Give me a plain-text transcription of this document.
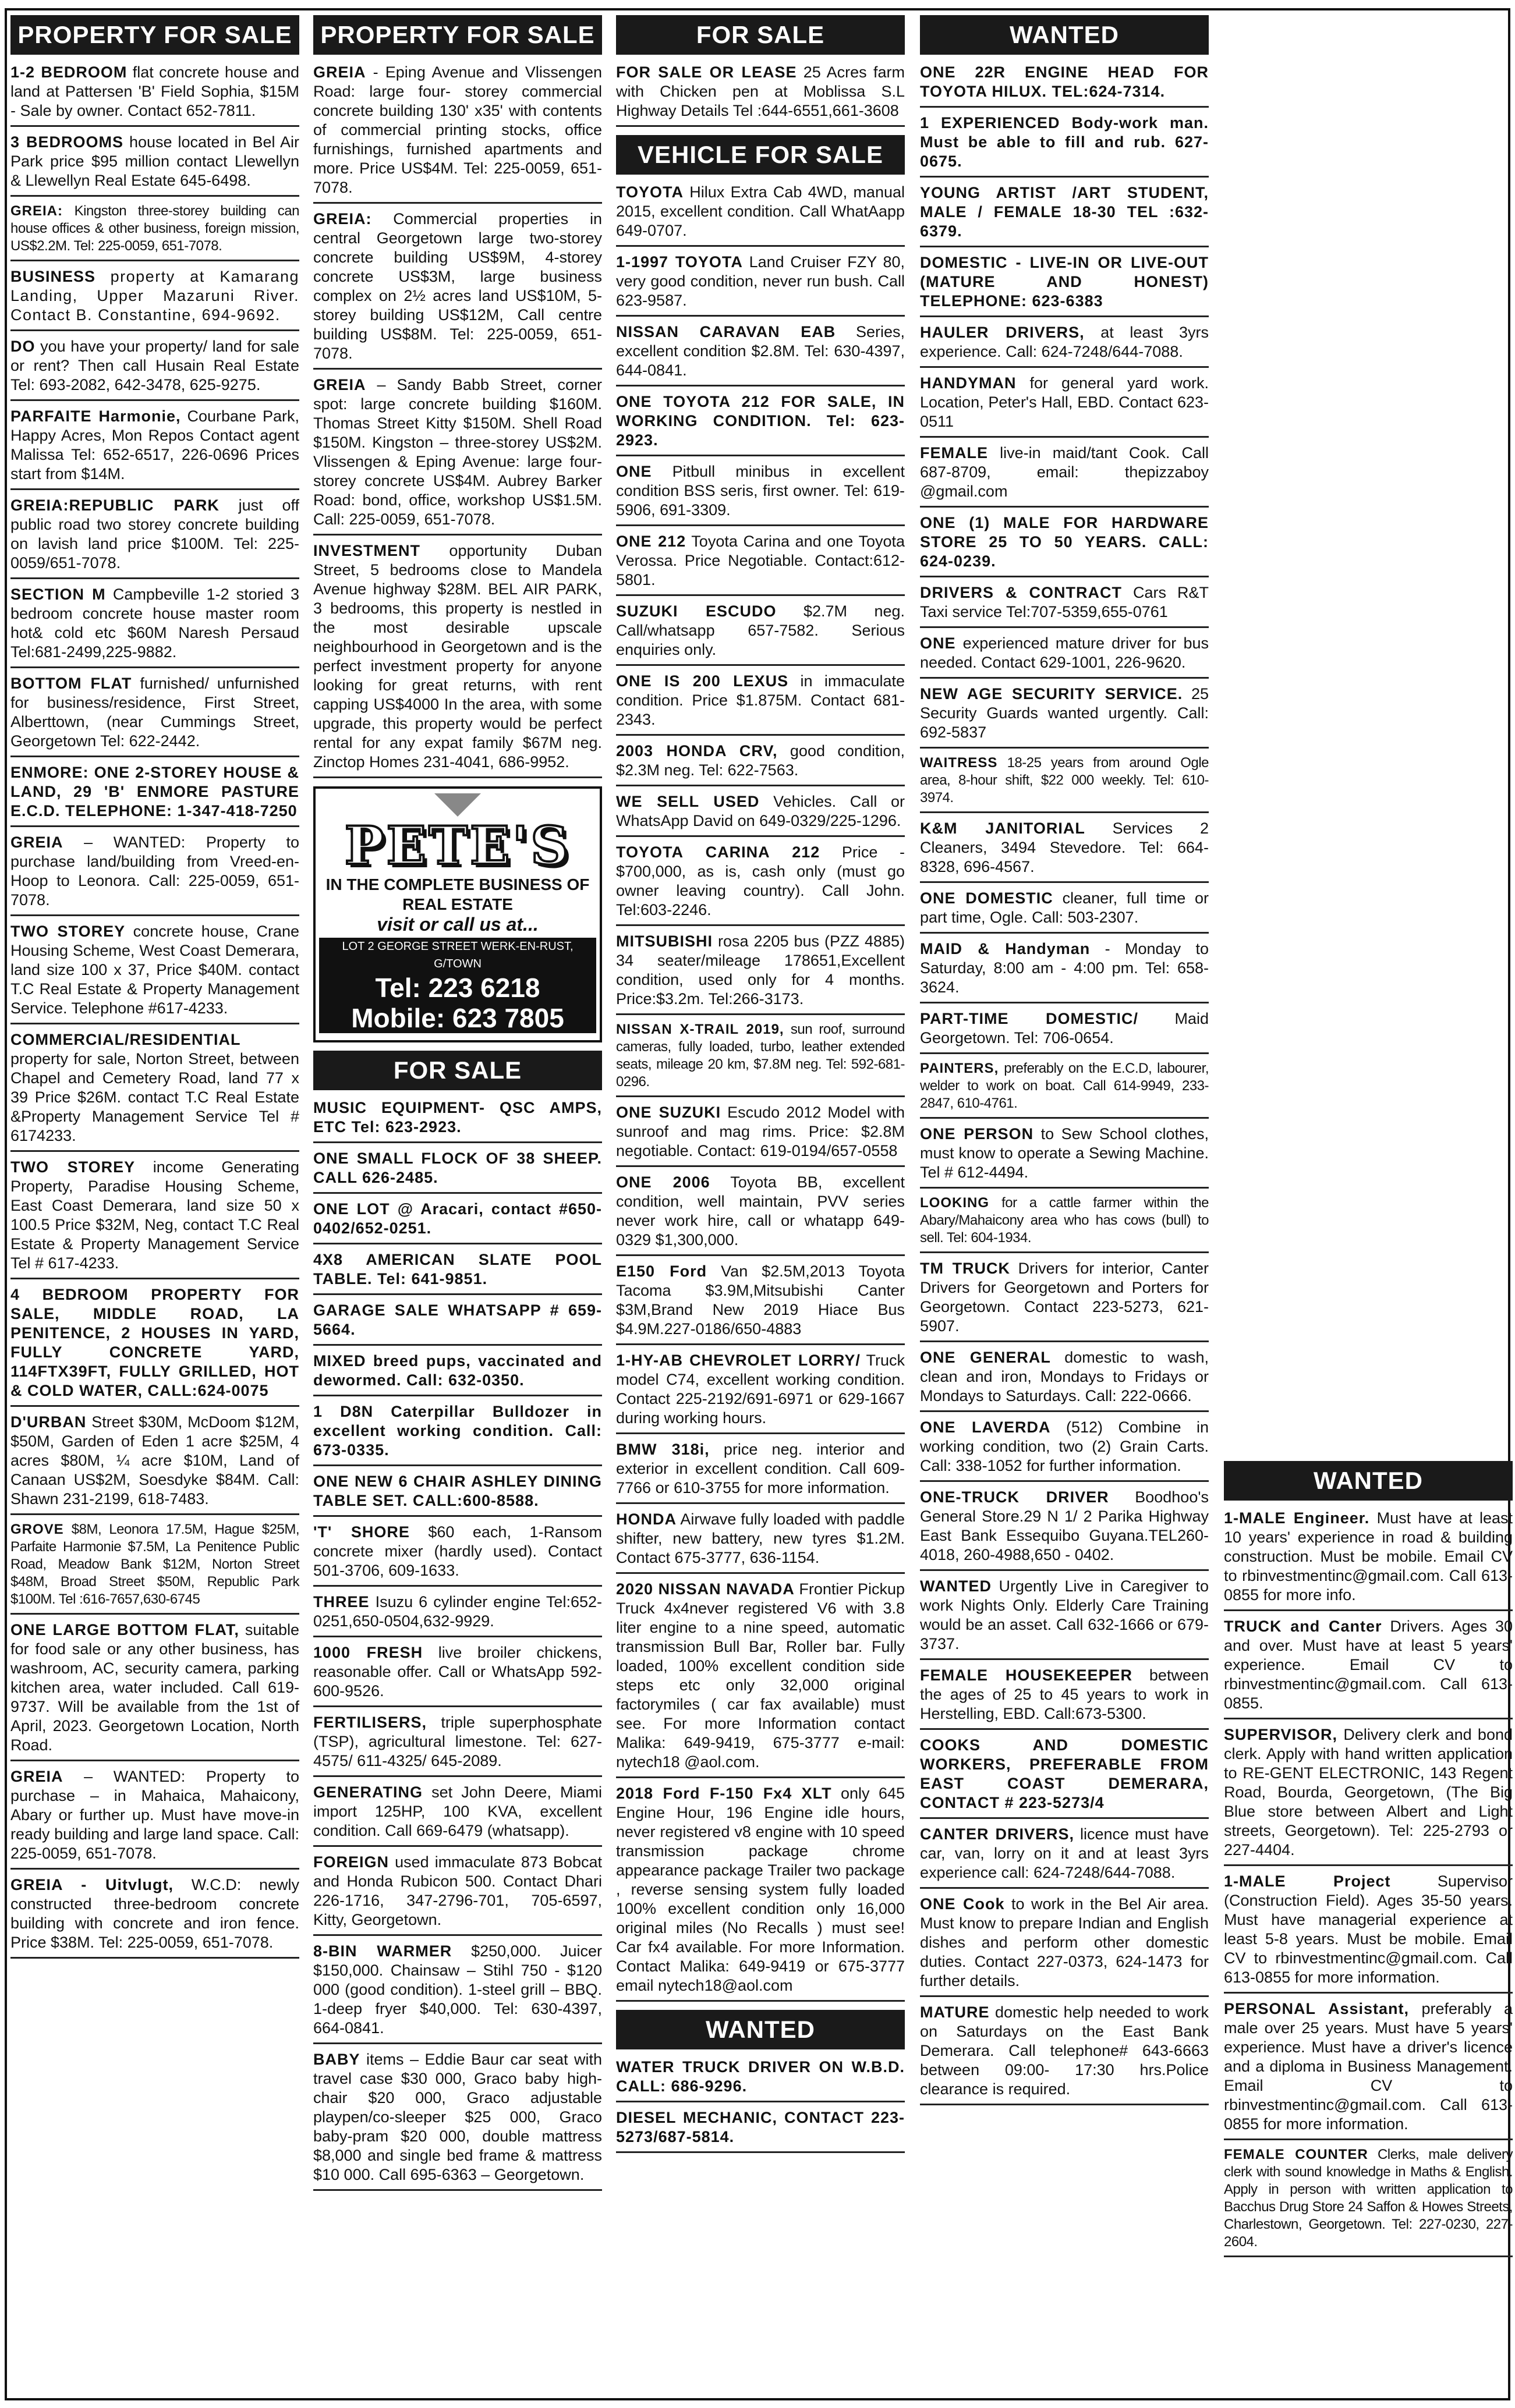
PROPERTY FOR SALE
1-2 BEDROOM flat concrete house and land at Pattersen 'B' Field Sophia, $15M - Sale by owner. Contact 652-7811.
3 BEDROOMS house located in Bel Air Park price $95 million contact Llewellyn & Llewellyn Real Estate 645-6498.
GREIA: Kingston three-storey building can house offices & other business, foreign mission, US$2.2M. Tel: 225-0059, 651-7078.
BUSINESS property at Kamarang Landing, Upper Mazaruni River. Contact B. Constantine, 694-9692.
DO you have your property/ land for sale or rent? Then call Husain Real Estate Tel: 693-2082, 642-3478, 625-9275.
PARFAITE Harmonie, Courbane Park, Happy Acres, Mon Repos Contact agent Malissa Tel: 652-6517, 226-0696 Prices start from $14M.
GREIA:REPUBLIC PARK just off public road two storey concrete building on lavish land price $100M. Tel: 225-0059/651-7078.
SECTION M Campbeville 1-2 storied 3 bedroom concrete house master room hot& cold etc $60M Naresh Persaud Tel:681-2499,225-9882.
BOTTOM FLAT furnished/ unfurnished for business/residence, First Street, Alberttown, (near Cummings Street, Georgetown Tel: 622-2442.
ENMORE: ONE 2-STOREY HOUSE & LAND, 29 'B' ENMORE PASTURE E.C.D. TELEPHONE: 1-347-418-7250
GREIA – WANTED: Property to purchase land/building from Vreed-en-Hoop to Leonora. Call: 225-0059, 651-7078.
TWO STOREY concrete house, Crane Housing Scheme, West Coast Demerara, land size 100 x 37, Price $40M. contact T.C Real Estate & Property Management Service. Telephone #617-4233.
COMMERCIAL/RESIDENTIAL property for sale, Norton Street, between Chapel and Cemetery Road, land 77 x 39 Price $26M. contact T.C Real Estate &Property Management Service Tel # 6174233.
TWO STOREY income Generating Property, Paradise Housing Scheme, East Coast Demerara, land size 50 x 100.5 Price $32M, Neg, contact T.C Real Estate & Property Management Service Tel # 617-4233.
4 BEDROOM PROPERTY FOR SALE, MIDDLE ROAD, LA PENITENCE, 2 HOUSES IN YARD, FULLY CONCRETE YARD, 114FTX39FT, FULLY GRILLED, HOT & COLD WATER, CALL:624-0075
D'URBAN Street $30M, McDoom $12M, $50M, Garden of Eden 1 acre $25M, 4 acres $80M, ¼ acre $10M, Land of Canaan US$2M, Soesdyke $84M. Call: Shawn 231-2199, 618-7483.
GROVE $8M, Leonora 17.5M, Hague $25M, Parfaite Harmonie $7.5M, La Penitence Public Road, Meadow Bank $12M, Norton Street $48M, Broad Street $50M, Republic Park $100M. Tel :616-7657,630-6745
ONE LARGE BOTTOM FLAT, suitable for food sale or any other business, has washroom, AC, security camera, parking kitchen area, water included. Call 619-9737. Will be available from the 1st of April, 2023. Georgetown Location, North Road.
GREIA – WANTED: Property to purchase – in Mahaica, Mahaicony, Abary or further up. Must have move-in ready building and large land space. Call: 225-0059, 651-7078.
GREIA - Uitvlugt, W.C.D: newly constructed three-bedroom concrete building with concrete and iron fence. Price $38M. Tel: 225-0059, 651-7078.
PROPERTY FOR SALE
GREIA - Eping Avenue and Vlissengen Road: large four- storey commercial concrete building 130' x35' with contents of commercial printing stocks, office furnishings, furnished apartments and more. Price US$4M. Tel: 225-0059, 651-7078.
GREIA: Commercial properties in central Georgetown large two-storey concrete building US$9M, 4-storey concrete US$3M, large business complex on 2½ acres land US$10M, 5-storey building US$12M, Call centre building US$8M. Tel: 225-0059, 651-7078.
GREIA – Sandy Babb Street, corner spot: large concrete building $160M. Thomas Street Kitty $150M. Shell Road $150M. Kingston – three-storey US$2M. Vlissengen & Eping Avenue: large four- storey concrete US$4M. Aubrey Barker Road: bond, office, workshop US$1.5M. Call: 225-0059, 651-7078.
INVESTMENT opportunity Duban Street, 5 bedrooms close to Mandela Avenue highway $28M. BEL AIR PARK, 3 bedrooms, this property is nestled in the most desirable upscale neighbourhood in Georgetown and is the perfect investment property for anyone looking for great returns, with rent capping US$4000 In the area, with some upgrade, this property would be perfect rental for any expat family $67M neg. Zinctop Homes 231-4041, 686-9952.
PETE'S
IN THE COMPLETE BUSINESS OF REAL ESTATE
visit or call us at...
LOT 2 GEORGE STREET WERK-EN-RUST, G/TOWN
Tel: 223 6218
Mobile: 623 7805
FOR SALE
MUSIC EQUIPMENT- QSC AMPS, ETC Tel: 623-2923.
ONE SMALL FLOCK OF 38 SHEEP. CALL 626-2485.
ONE LOT @ Aracari, contact #650-0402/652-0251.
4X8 AMERICAN SLATE POOL TABLE. Tel: 641-9851.
GARAGE SALE WHATSAPP # 659-5664.
MIXED breed pups, vaccinated and dewormed. Call: 632-0350.
1 D8N Caterpillar Bulldozer in excellent working condition. Call: 673-0335.
ONE NEW 6 CHAIR ASHLEY DINING TABLE SET. CALL:600-8588.
'T' SHORE $60 each, 1-Ransom concrete mixer (hardly used). Contact 501-3706, 609-1633.
THREE Isuzu 6 cylinder engine Tel:652-0251,650-0504,632-9929.
1000 FRESH live broiler chickens, reasonable offer. Call or WhatsApp 592-600-9526.
FERTILISERS, triple superphosphate (TSP), agricultural limestone. Tel: 627-4575/ 611-4325/ 645-2089.
GENERATING set John Deere, Miami import 125HP, 100 KVA, excellent condition. Call 669-6479 (whatsapp).
FOREIGN used immaculate 873 Bobcat and Honda Rubicon 500. Contact Dhari 226-1716, 347-2796-701, 705-6597, Kitty, Georgetown.
8-BIN WARMER $250,000. Juicer $150,000. Chainsaw – Stihl 750 - $120 000 (good condition). 1-steel grill – BBQ. 1-deep fryer $40,000. Tel: 630-4397, 664-0841.
BABY items – Eddie Baur car seat with travel case $30 000, Graco baby high-chair $20 000, Graco adjustable playpen/co-sleeper $25 000, Graco baby-pram $20 000, double mattress $8,000 and single bed frame & mattress $10 000. Call 695-6363 – Georgetown.
FOR SALE
FOR SALE OR LEASE 25 Acres farm with Chicken pen at Moblissa S.L Highway Details Tel :644-6551,661-3608
VEHICLE FOR SALE
TOYOTA Hilux Extra Cab 4WD, manual 2015, excellent condition. Call WhatAapp 649-0707.
1-1997 TOYOTA Land Cruiser FZY 80, very good condition, never run bush. Call 623-9587.
NISSAN CARAVAN EAB Series, excellent condition $2.8M. Tel: 630-4397, 644-0841.
ONE TOYOTA 212 FOR SALE, IN WORKING CONDITION. Tel: 623-2923.
ONE Pitbull minibus in excellent condition BSS seris, first owner. Tel: 619-5906, 691-3309.
ONE 212 Toyota Carina and one Toyota Verossa. Price Negotiable. Contact:612-5801.
SUZUKI ESCUDO $2.7M neg. Call/whatsapp 657-7582. Serious enquiries only.
ONE IS 200 LEXUS in immaculate condition. Price $1.875M. Contact 681-2343.
2003 HONDA CRV, good condition, $2.3M neg. Tel: 622-7563.
WE SELL USED Vehicles. Call or WhatsApp David on 649-0329/225-1296.
TOYOTA CARINA 212 Price - $700,000, as is, cash only (must go owner leaving country). Call John. Tel:603-2246.
MITSUBISHI rosa 2205 bus (PZZ 4885) 34 seater/mileage 178651,Excellent condition, used only for 4 months. Price:$3.2m. Tel:266-3173.
NISSAN X-TRAIL 2019, sun roof, surround cameras, fully loaded, turbo, leather extended seats, mileage 20 km, $7.8M neg. Tel: 592-681-0296.
ONE SUZUKI Escudo 2012 Model with sunroof and mag rims. Price: $2.8M negotiable. Contact: 619-0194/657-0558
ONE 2006 Toyota BB, excellent condition, well maintain, PVV series never work hire, call or whatapp 649-0329 $1,300,000.
E150 Ford Van $2.5M,2013 Toyota Tacoma $3.9M,Mitsubishi Canter $3M,Brand New 2019 Hiace Bus $4.9M.227-0186/650-4883
1-HY-AB CHEVROLET LORRY/ Truck model C74, excellent working condition. Contact 225-2192/691-6971 or 629-1667 during working hours.
BMW 318i, price neg. interior and exterior in excellent condition. Call 609-7766 or 610-3755 for more information.
HONDA Airwave fully loaded with paddle shifter, new battery, new tyres $1.2M. Contact 675-3777, 636-1154.
2020 NISSAN NAVADA Frontier Pickup Truck 4x4never registered V6 with 3.8 liter engine to a nine speed, automatic transmission Bull Bar, Roller bar. Fully loaded, 100% excellent condition side steps etc only 32,000 original factorymiles ( car fax available) must see. For more Information contact Malika: 649-9419, 675-3777 e-mail: nytech18 @aol.com.
2018 Ford F-150 Fx4 XLT only 645 Engine Hour, 196 Engine idle hours, never registered v8 engine with 10 speed transmission package chrome appearance package Trailer two package , reverse sensing system fully loaded 100% excellent condition only 16,000 original miles (No Recalls ) must see! Car fx4 available. For more Information. Contact Malika: 649-9419 or 675-3777 email nytech18@aol.com
WANTED
WATER TRUCK DRIVER ON W.B.D. CALL: 686-9296.
DIESEL MECHANIC, CONTACT 223-5273/687-5814.
WANTED
ONE 22R ENGINE HEAD FOR TOYOTA HILUX. TEL:624-7314.
1 EXPERIENCED Body-work man. Must be able to fill and rub. 627-0675.
YOUNG ARTIST /ART STUDENT, MALE / FEMALE 18-30 TEL :632-6379.
DOMESTIC - LIVE-IN OR LIVE-OUT (MATURE AND HONEST) TELEPHONE: 623-6383
HAULER DRIVERS, at least 3yrs experience. Call: 624-7248/644-7088.
HANDYMAN for general yard work. Location, Peter's Hall, EBD. Contact 623-0511
FEMALE live-in maid/tant Cook. Call 687-8709, email: thepizzaboy @gmail.com
ONE (1) MALE FOR HARDWARE STORE 25 TO 50 YEARS. CALL: 624-0239.
DRIVERS & CONTRACT Cars R&T Taxi service Tel:707-5359,655-0761
ONE experienced mature driver for bus needed. Contact 629-1001, 226-9620.
NEW AGE SECURITY SERVICE. 25 Security Guards wanted urgently. Call: 692-5837
WAITRESS 18-25 years from around Ogle area, 8-hour shift, $22 000 weekly. Tel: 610-3974.
K&M JANITORIAL Services 2 Cleaners, 3494 Stevedore. Tel: 664-8328, 696-4567.
ONE DOMESTIC cleaner, full time or part time, Ogle. Call: 503-2307.
MAID & Handyman - Monday to Saturday, 8:00 am - 4:00 pm. Tel: 658-3624.
PART-TIME DOMESTIC/ Maid Georgetown. Tel: 706-0654.
PAINTERS, preferably on the E.C.D, labourer, welder to work on boat. Call 614-9949, 233-2847, 610-4761.
ONE PERSON to Sew School clothes, must know to operate a Sewing Machine. Tel # 612-4494.
LOOKING for a cattle farmer within the Abary/Mahaicony area who has cows (bull) to sell. Tel: 604-1934.
TM TRUCK Drivers for interior, Canter Drivers for Georgetown and Porters for Georgetown. Contact 223-5273, 621-5907.
ONE GENERAL domestic to wash, clean and iron, Mondays to Fridays or Mondays to Saturdays. Call: 222-0666.
ONE LAVERDA (512) Combine in working condition, two (2) Grain Carts. Call: 338-1052 for further information.
ONE-TRUCK DRIVER Boodhoo's General Store.29 N 1/ 2 Parika Highway East Bank Essequibo Guyana.TEL260-4018, 260-4988,650 - 0402.
WANTED Urgently Live in Caregiver to work Nights Only. Elderly Care Training would be an asset. Call 632-1666 or 679-3737.
FEMALE HOUSEKEEPER between the ages of 25 to 45 years to work in Herstelling, EBD. Call:673-5300.
COOKS AND DOMESTIC WORKERS, PREFERABLE FROM EAST COAST DEMERARA, CONTACT # 223-5273/4
CANTER DRIVERS, licence must have car, van, lorry on it and at least 3yrs experience call: 624-7248/644-7088.
ONE Cook to work in the Bel Air area. Must know to prepare Indian and English dishes and perform other domestic duties. Contact 227-0373, 624-1473 for further details.
MATURE domestic help needed to work on Saturdays on the East Bank Demerara. Call telephone# 643-6663 between 09:00- 17:30 hrs.Police clearance is required.
WANTED
1-MALE Engineer. Must have at least 10 years' experience in road & building construction. Must be mobile. Email CV to rbinvestmentinc@gmail.com. Call 613-0855 for more info.
TRUCK and Canter Drivers. Ages 30 and over. Must have at least 5 years' experience. Email CV to rbinvestmentinc@gmail.com. Call 613-0855.
SUPERVISOR, Delivery clerk and bond clerk. Apply with hand written application to RE-GENT ELECTRONIC, 143 Regent Road, Bourda, Georgetown, (The Big Blue store between Albert and Light streets, Georgetown). Tel: 225-2793 or 227-4404.
1-MALE Project Supervisor (Construction Field). Ages 35-50 years. Must have managerial experience at least 5-8 years. Must be mobile. Email CV to rbinvestmentinc@gmail.com. Call 613-0855 for more information.
PERSONAL Assistant, preferably a male over 25 years. Must have 5 years' experience. Must have a driver's licence and a diploma in Business Management. Email CV to rbinvestmentinc@gmail.com. Call 613-0855 for more information.
FEMALE COUNTER Clerks, male delivery clerk with sound knowledge in Maths & English. Apply in person with written application to Bacchus Drug Store 24 Saffon & Howes Streets, Charlestown, Georgetown. Tel: 227-0230, 227-2604.
